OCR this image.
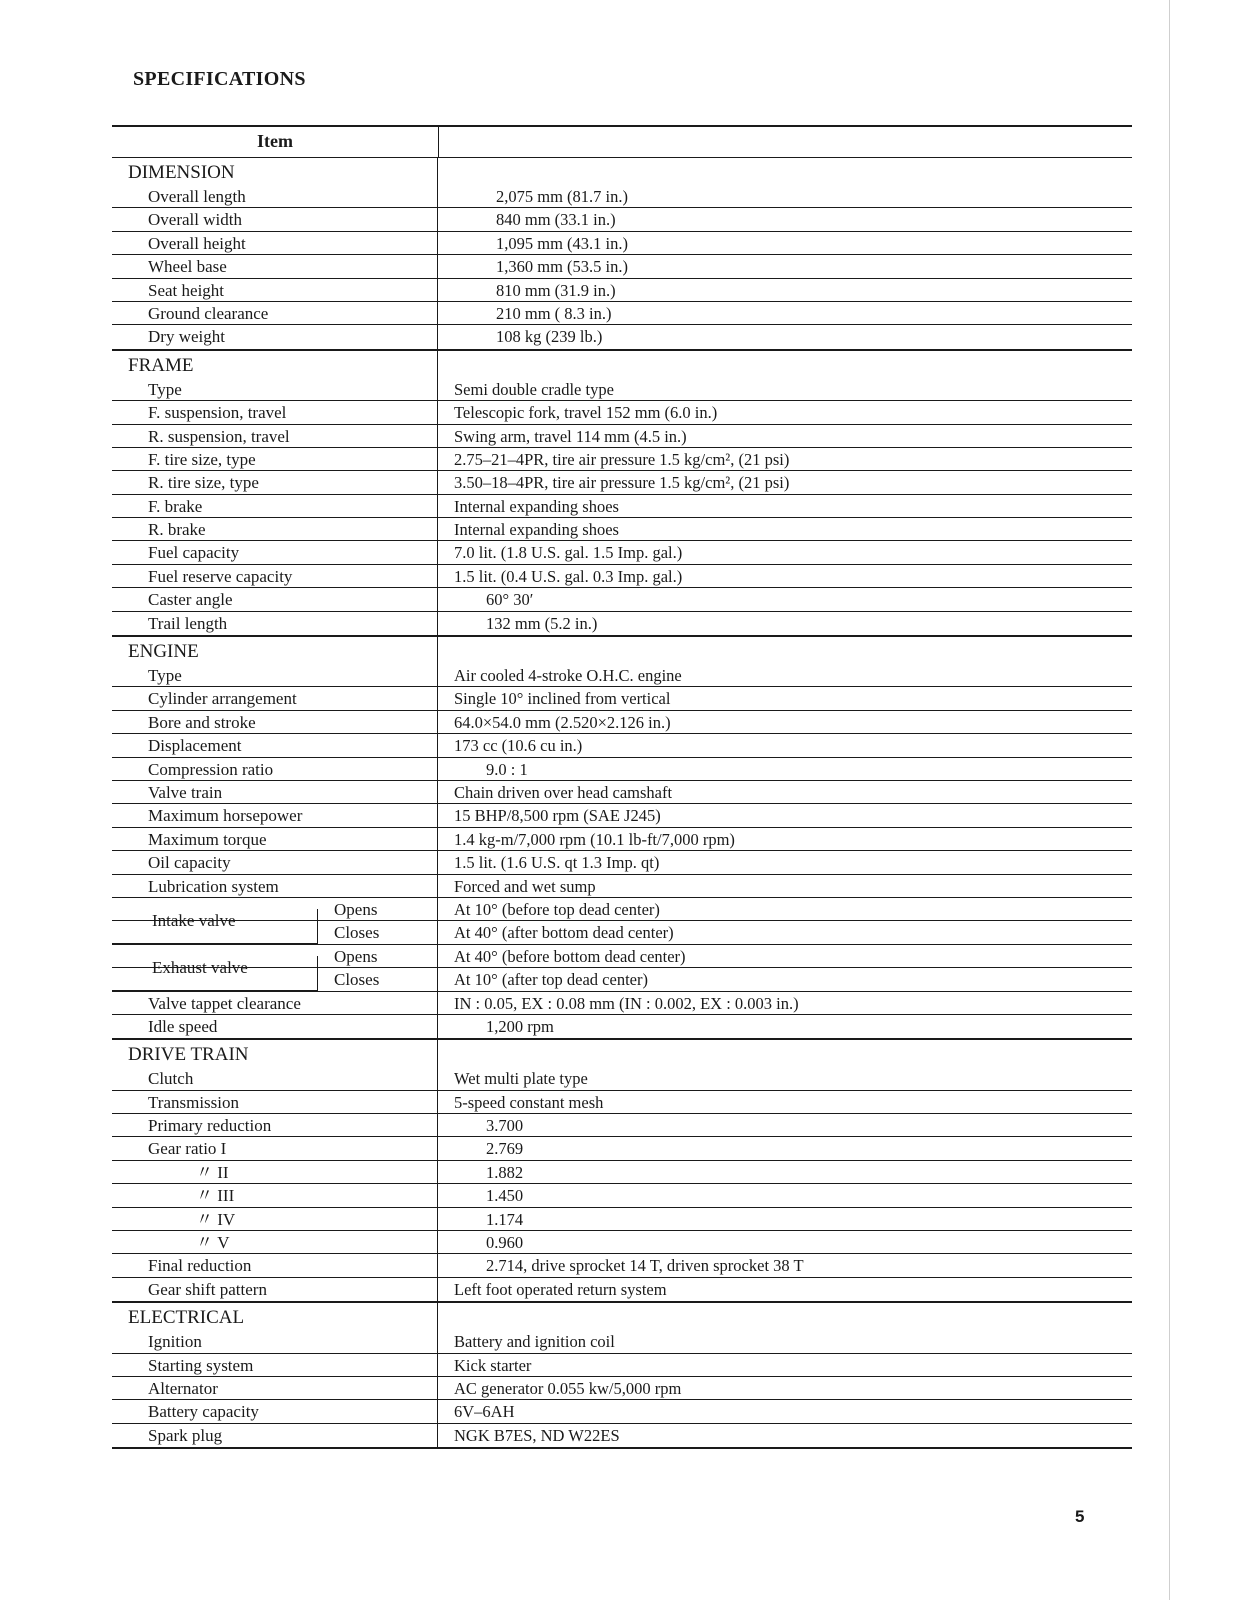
SPECIFICATIONS
Item
DIMENSION
Overall length	2,075 mm (81.7 in.)
Overall width	840 mm (33.1 in.)
Overall height	1,095 mm (43.1 in.)
Wheel base	1,360 mm (53.5 in.)
Seat height	810 mm (31.9 in.)
Ground clearance	210 mm ( 8.3 in.)
Dry weight	108 kg (239 lb.)
FRAME
Type	Semi double cradle type
F. suspension, travel	Telescopic fork, travel 152 mm (6.0 in.)
R. suspension, travel	Swing arm, travel 114 mm (4.5 in.)
F. tire size, type	2.75–21–4PR, tire air pressure 1.5 kg/cm², (21 psi)
R. tire size, type	3.50–18–4PR, tire air pressure 1.5 kg/cm², (21 psi)
F. brake	Internal expanding shoes
R. brake	Internal expanding shoes
Fuel capacity	7.0 lit. (1.8 U.S. gal. 1.5 Imp. gal.)
Fuel reserve capacity	1.5 lit. (0.4 U.S. gal. 0.3 Imp. gal.)
Caster angle	60° 30′
Trail length	132 mm (5.2 in.)
ENGINE
Type	Air cooled 4-stroke O.H.C. engine
Cylinder arrangement	Single 10° inclined from vertical
Bore and stroke	64.0×54.0 mm (2.520×2.126 in.)
Displacement	173 cc (10.6 cu in.)
Compression ratio	9.0 : 1
Valve train	Chain driven over head camshaft
Maximum horsepower	15 BHP/8,500 rpm (SAE J245)
Maximum torque	1.4 kg-m/7,000 rpm (10.1 lb-ft/7,000 rpm)
Oil capacity	1.5 lit. (1.6 U.S. qt 1.3 Imp. qt)
Lubrication system	Forced and wet sump
Intake valve
Opens	At 10° (before top dead center)
Closes	At 40° (after bottom dead center)
Exhaust valve
Opens	At 40° (before bottom dead center)
Closes	At 10° (after top dead center)
Valve tappet clearance	IN : 0.05, EX : 0.08 mm (IN : 0.002, EX : 0.003 in.)
Idle speed	1,200 rpm
DRIVE TRAIN
Clutch	Wet multi plate type
Transmission	5-speed constant mesh
Primary reduction	3.700
Gear ratio I	2.769
〃 II	1.882
〃 III	1.450
〃 IV	1.174
〃 V	0.960
Final reduction	2.714, drive sprocket 14 T, driven sprocket 38 T
Gear shift pattern	Left foot operated return system
ELECTRICAL
Ignition	Battery and ignition coil
Starting system	Kick starter
Alternator	AC generator 0.055 kw/5,000 rpm
Battery capacity	6V–6AH
Spark plug	NGK B7ES, ND W22ES
5
